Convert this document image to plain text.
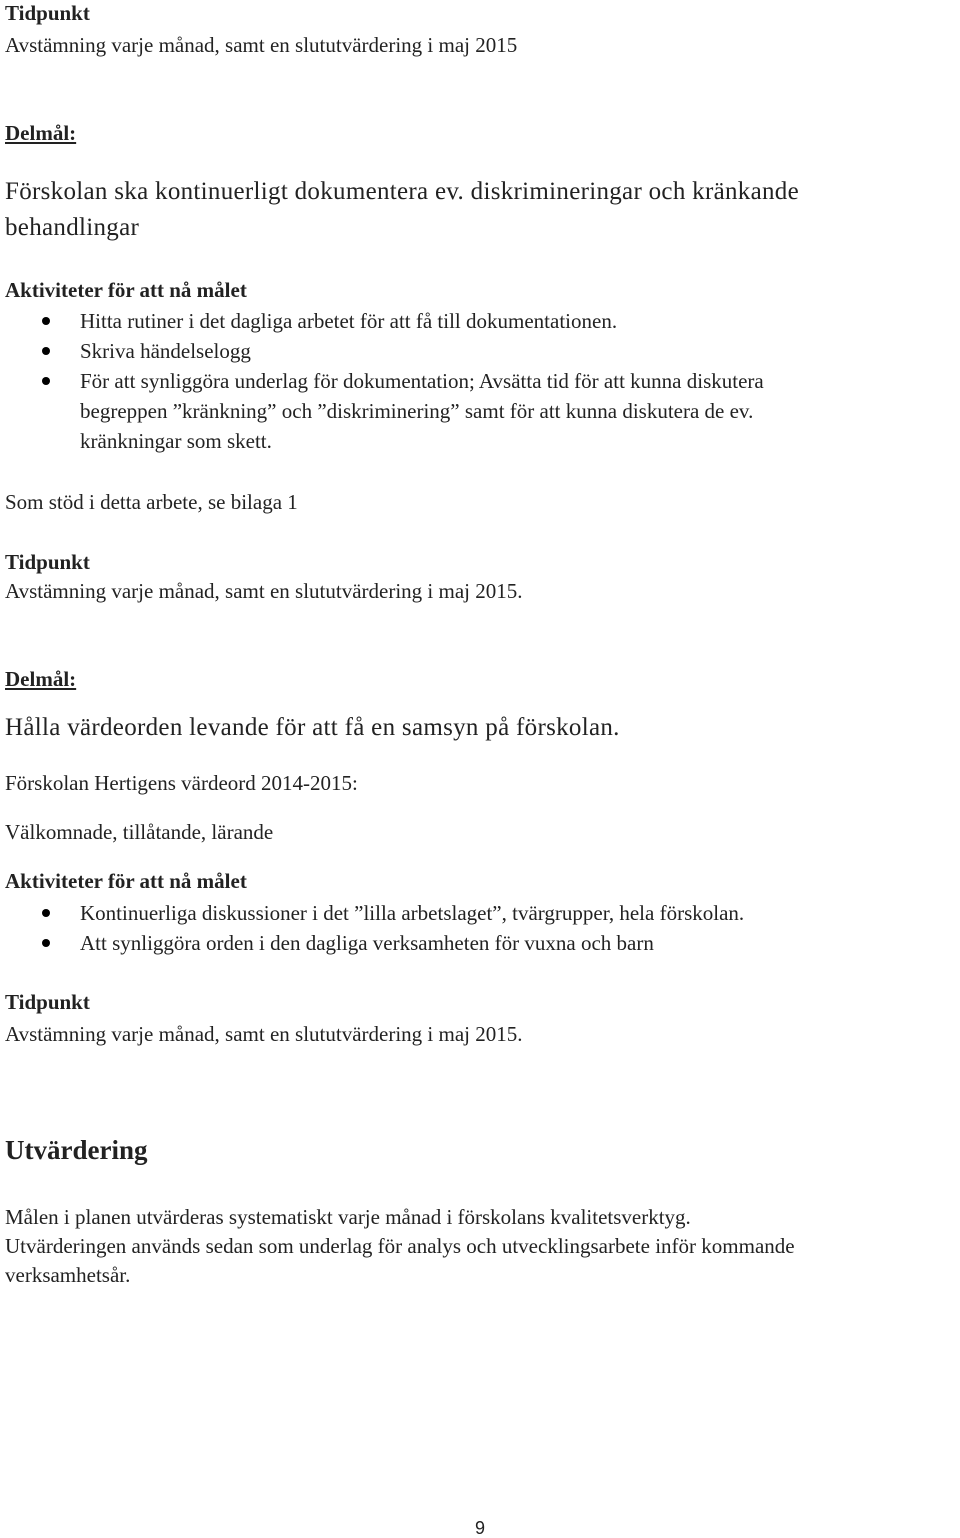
Tidpunkt
Avstämning varje månad, samt en slututvärdering i maj 2015
Delmål:
Förskolan ska kontinuerligt dokumentera ev. diskrimineringar och kränkande
behandlingar
Aktiviteter för att nå målet
Hitta rutiner i det dagliga arbetet för att få till dokumentationen.
Skriva händelselogg
För att synliggöra underlag för dokumentation; Avsätta tid för att kunna diskutera
begreppen ”kränkning” och ”diskriminering” samt för att kunna diskutera de ev.
kränkningar som skett.
Som stöd i detta arbete, se bilaga 1
Tidpunkt
Avstämning varje månad, samt en slututvärdering i maj 2015.
Delmål:
Hålla värdeorden levande för att få en samsyn på förskolan.
Förskolan Hertigens värdeord 2014-2015:
Välkomnade, tillåtande, lärande
Aktiviteter för att nå målet
Kontinuerliga diskussioner i det ”lilla arbetslaget”, tvärgrupper, hela förskolan.
Att synliggöra orden i den dagliga verksamheten för vuxna och barn
Tidpunkt
Avstämning varje månad, samt en slututvärdering i maj 2015.
Utvärdering
Målen i planen utvärderas systematiskt varje månad i förskolans kvalitetsverktyg.
Utvärderingen används sedan som underlag för analys och utvecklingsarbete inför kommande
verksamhetsår.
9
